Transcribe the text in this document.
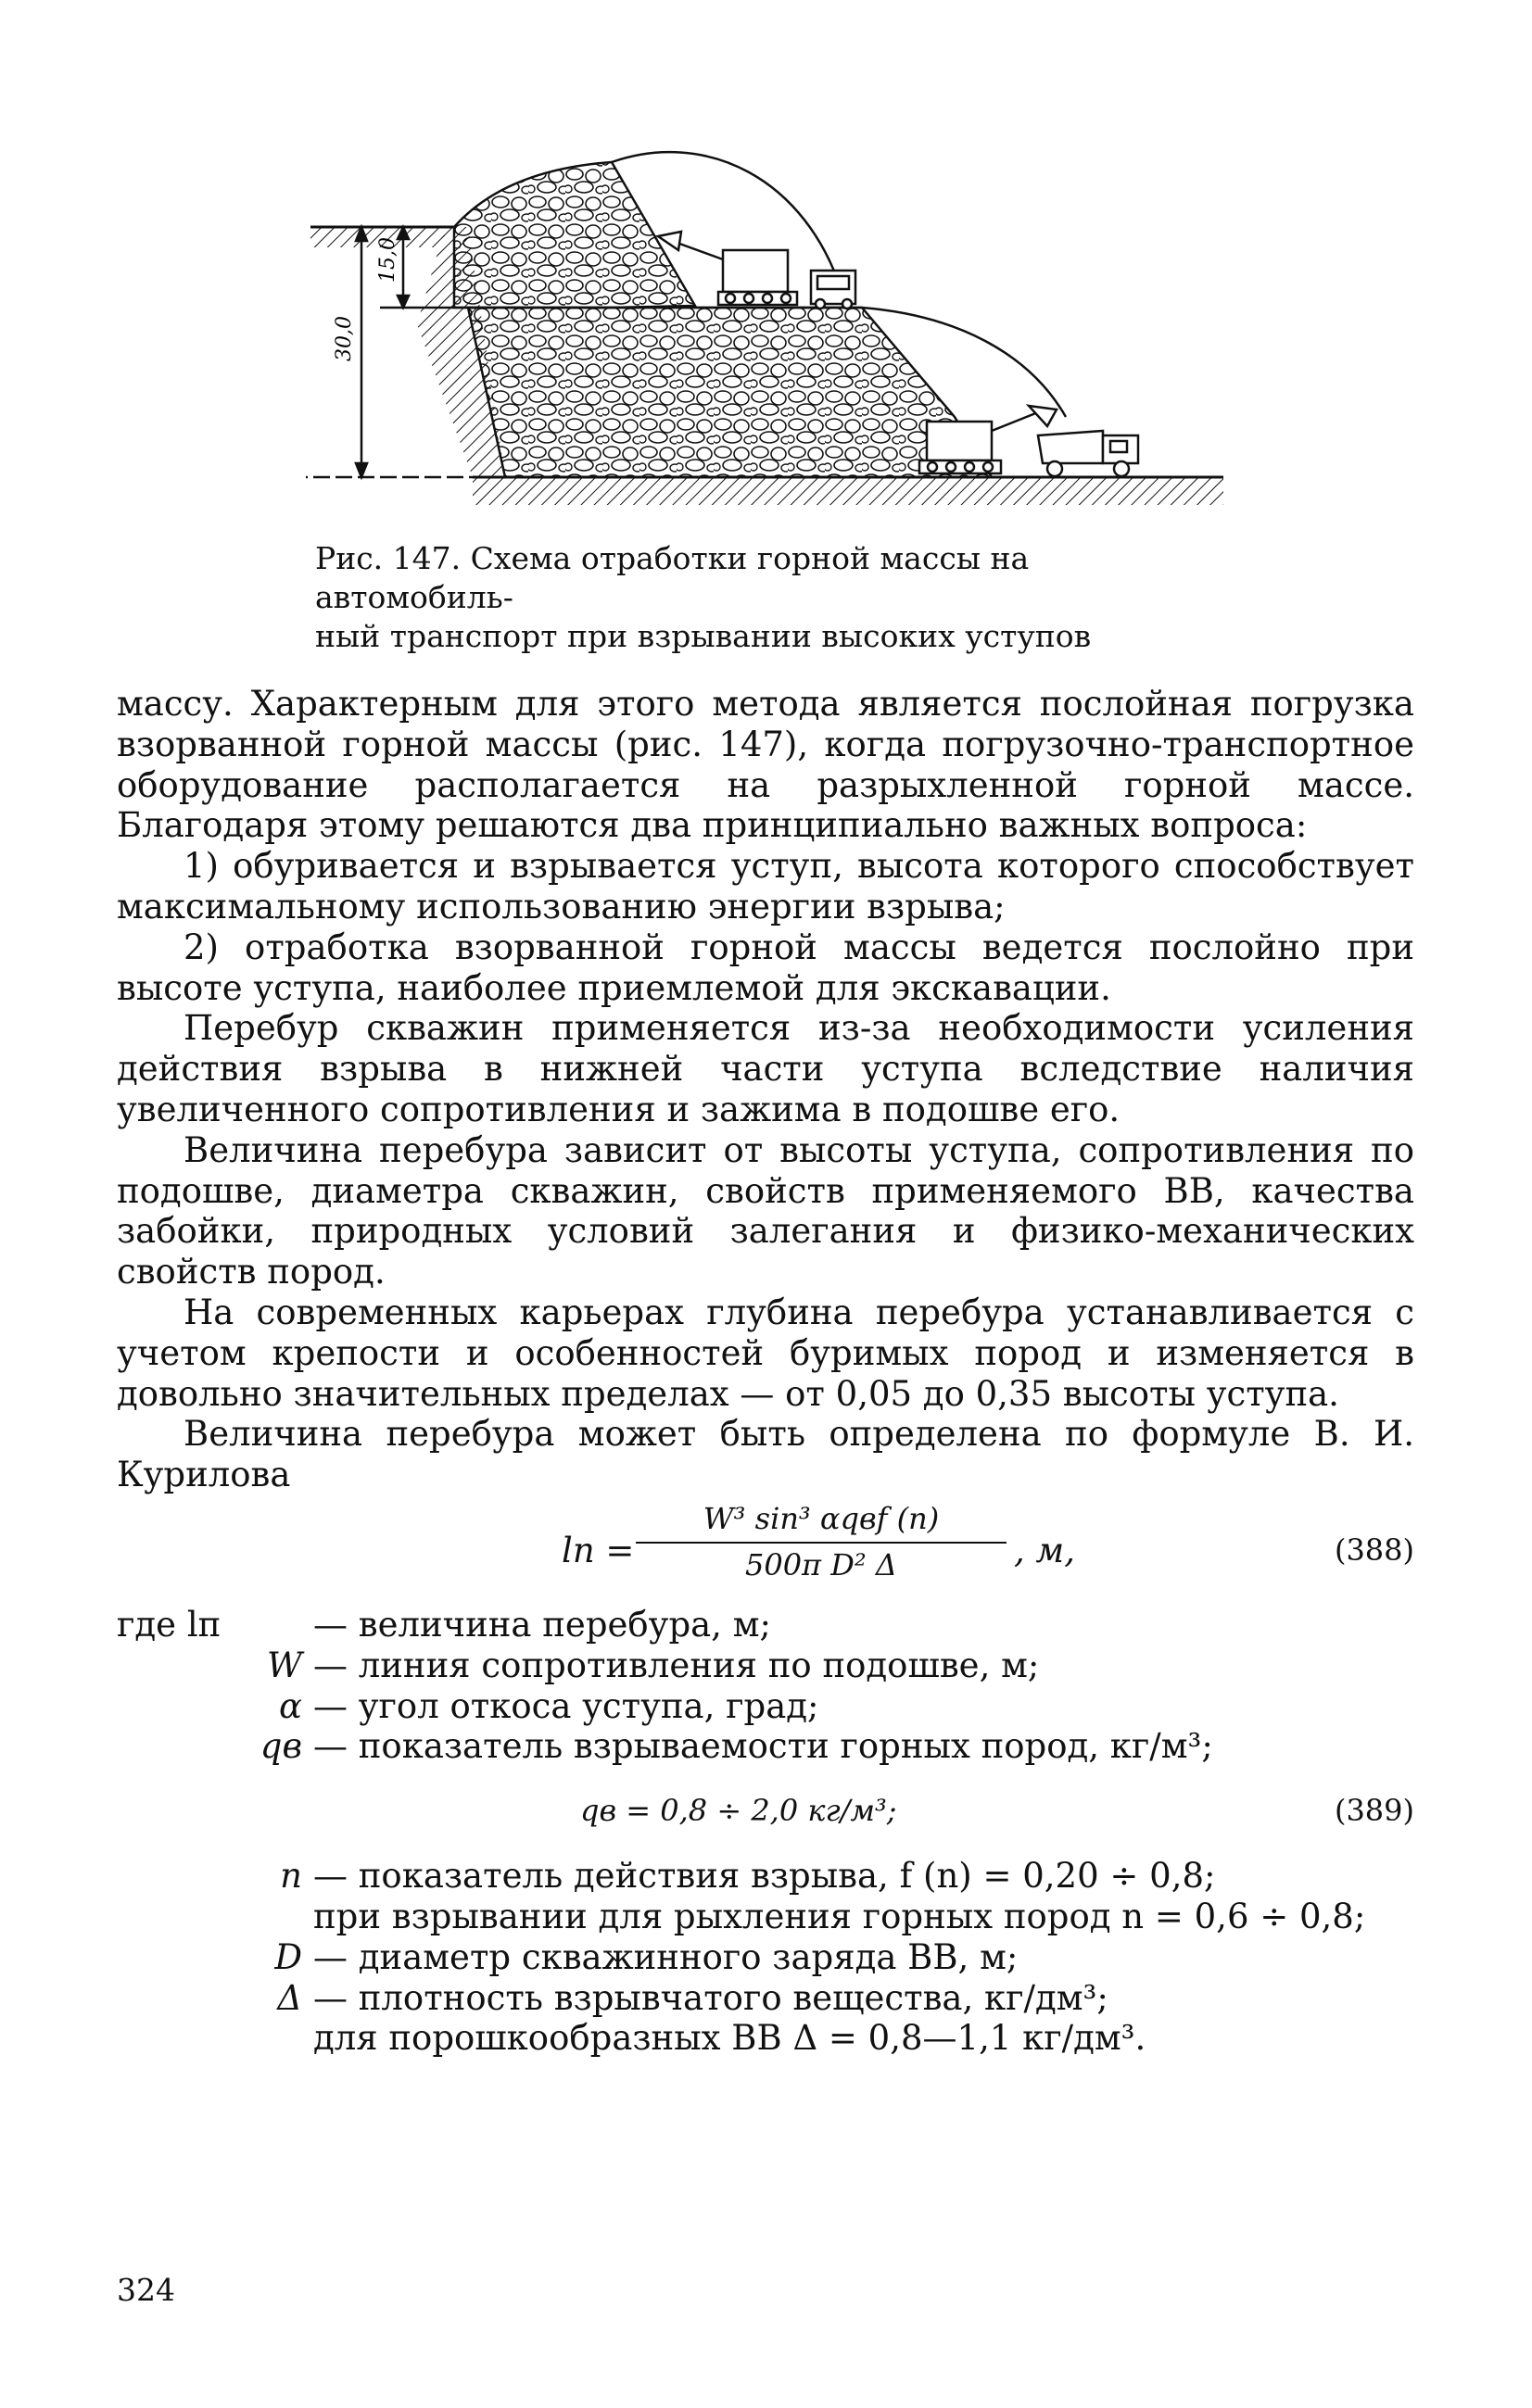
30,0
15,0
Рис. 147. Схема отработки горной массы на автомобиль-
ный транспорт при взрывании высоких уступов

массу. Характерным для этого метода является послойная погрузка взорванной горной массы (рис. 147), когда погрузочно-транспортное оборудование располагается на разрыхленной горной массе. Благодаря этому решаются два принципиально важных вопроса:

1) обуривается и взрывается уступ, высота которого способствует максимальному использованию энергии взрыва;

2) отработка взорванной горной массы ведется послойно при высоте уступа, наиболее приемлемой для экскавации.

Перебур скважин применяется из-за необходимости усиления действия взрыва в нижней части уступа вследствие наличия увеличенного сопротивления и зажима в подошве его.

Величина перебура зависит от высоты уступа, сопротивления по подошве, диаметра скважин, свойств применяемого ВВ, качества забойки, природных условий залегания и физико-механических свойств пород.

На современных карьерах глубина перебура устанавливается с учетом крепости и особенностей буримых пород и изменяется в довольно значительных пределах — от 0,05 до 0,35 высоты уступа.

Величина перебура может быть определена по формуле В. И. Курилова

lп =
W³ sin³ αqвf (n)
500π D² Δ	, м,	(388)
где lп	— величина перебура, м;
W — линия сопротивления по подошве, м;
α — угол откоса уступа, град;
qв — показатель взрываемости горных пород, кг/м³;
qв = 0,8 ÷ 2,0 кг/м³;	(389)
n — показатель действия взрыва, f (n) = 0,20 ÷ 0,8;
при взрывании для рыхления горных пород n = 0,6 ÷ 0,8;
D — диаметр скважинного заряда ВВ, м;
Δ — плотность взрывчатого вещества, кг/дм³;
для порошкообразных ВВ Δ = 0,8—1,1 кг/дм³.
324
